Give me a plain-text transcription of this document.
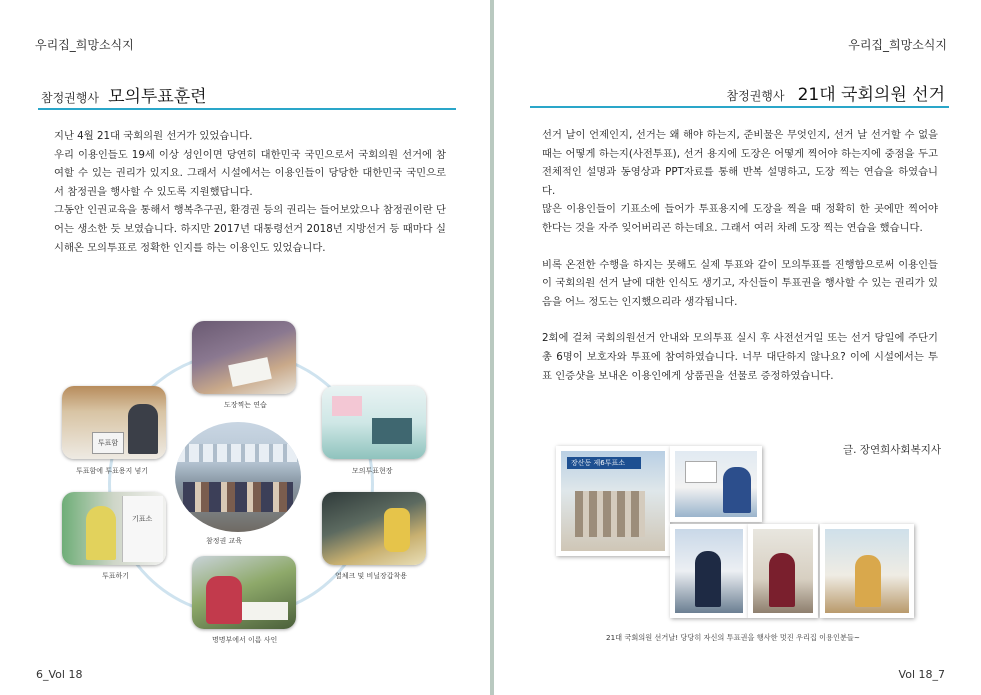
우리집_희망소식지
참정권행사 모의투표훈련

지난 4월 21대 국회의원 선거가 있었습니다.

우리 이용인들도 19세 이상 성인이면 당연히 대한민국 국민으로서 국회의원 선거에 참여할 수 있는 권리가 있지요. 그래서 시설에서는 이용인들이 당당한 대한민국 국민으로서 참정권을 행사할 수 있도록 지원했답니다.

그동안 인권교육을 통해서 행복추구권, 환경권 등의 권리는 들어보았으나 참정권이란 단어는 생소한 듯 보였습니다. 하지만 2017년 대통령선거 2018년 지방선거 등 때마다 실시해온 모의투표로 정확한 인지를 하는 이용인도 있었습니다.

참정권 교육
도장찍는 연습
모의투표현장
열체크 및 비닐장갑착용
명명부에서 이름 사인
투표함
투표함에 투표용지 넣기
기표소
투표하기
6_Vol 18
우리집_희망소식지
참정권행사 21대 국회의원 선거

선거 날이 언제인지, 선거는 왜 해야 하는지, 준비물은 무엇인지, 선거 날 선거할 수 없을 때는 어떻게 하는지(사전투표), 선거 용지에 도장은 어떻게 찍어야 하는지에 중점을 두고 전체적인 설명과 동영상과 PPT자료를 통해 반복 설명하고, 도장 찍는 연습을 하였습니다.

많은 이용인들이 기표소에 들어가 투표용지에 도장을 찍을 때 정확히 한 곳에만 찍어야 한다는 것을 자주 잊어버리곤 하는데요. 그래서 여러 차례 도장 찍는 연습을 했습니다.

비록 온전한 수행을 하지는 못해도 실제 투표와 같이 모의투표를 진행함으로써 이용인들이 국회의원 선거 날에 대한 인식도 생기고, 자신들이 투표권을 행사할 수 있는 권리가 있음을 어느 정도는 인지했으리라 생각됩니다.

2회에 걸쳐 국회의원선거 안내와 모의투표 실시 후 사전선거일 또는 선거 당일에 주단기 총 6명이 보호자와 투표에 참여하였습니다. 너무 대단하지 않나요? 이에 시설에서는 투표 인증샷을 보내온 이용인에게 상품권을 선물로 증정하였습니다.

글. 장연희사회복지사
장산동 제6투표소
21대 국회의원 선거날! 당당히 자신의 투표권을 행사한 멋진 우리집 이용인분들~
Vol 18_7
